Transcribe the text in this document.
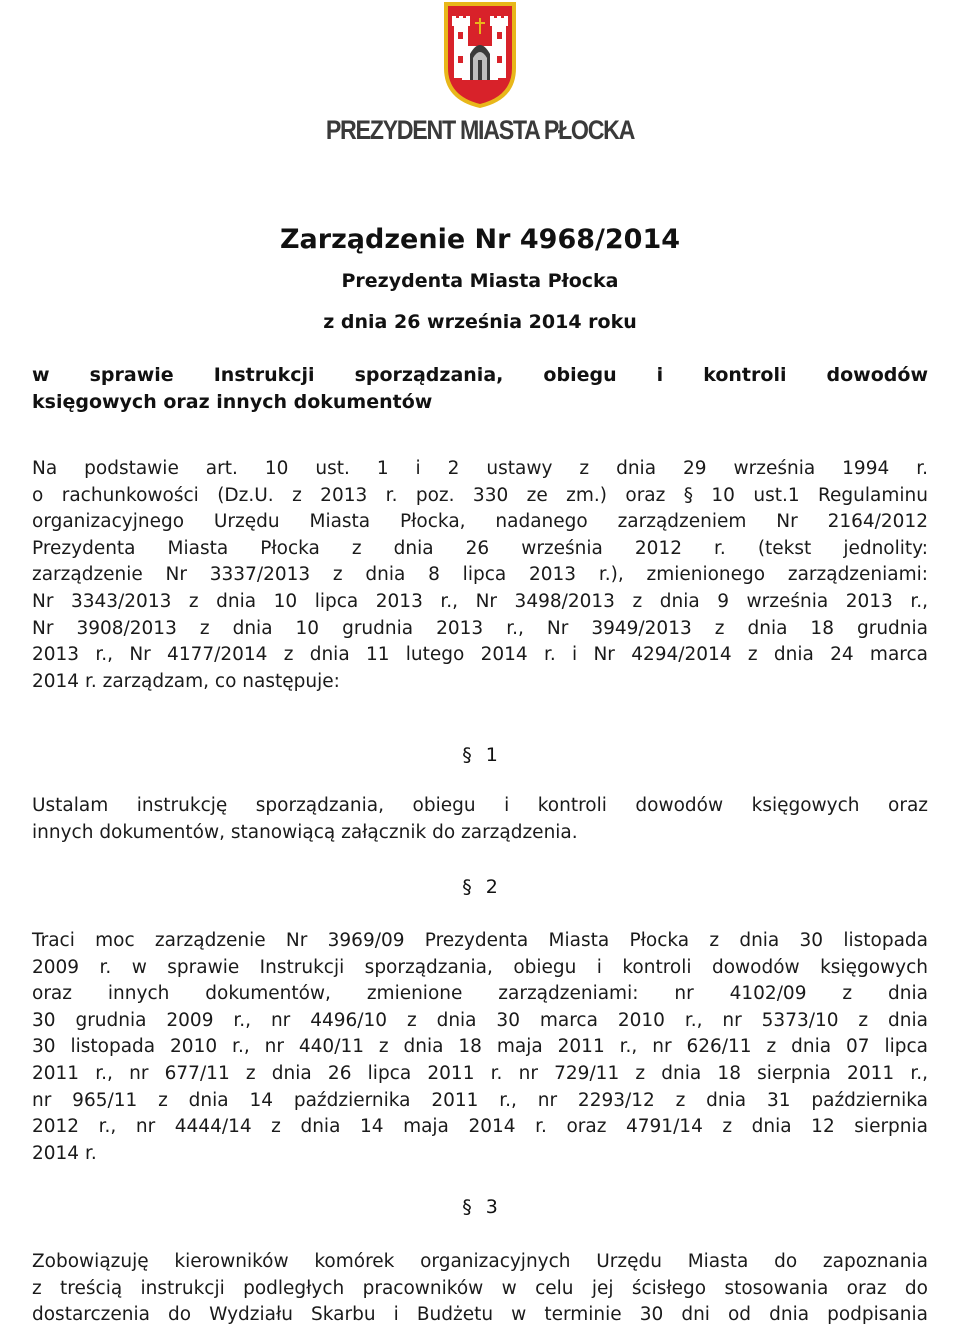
PREZYDENT MIASTA PŁOCKA
Zarządzenie Nr 4968/2014
Prezydenta Miasta Płocka
z dnia 26 września 2014 roku
w sprawie Instrukcji sporządzania, obiegu i kontroli dowodów
księgowych oraz innych dokumentów
Na podstawie art. 10 ust. 1 i 2 ustawy z dnia 29 września 1994 r.
o rachunkowości (Dz.U. z 2013 r. poz. 330 ze zm.) oraz § 10 ust.1 Regulaminu
organizacyjnego Urzędu Miasta Płocka, nadanego zarządzeniem Nr 2164/2012
Prezydenta Miasta Płocka z dnia 26 września 2012 r. (tekst jednolity:
zarządzenie Nr 3337/2013 z dnia 8 lipca 2013 r.), zmienionego zarządzeniami:
Nr 3343/2013 z dnia 10 lipca 2013 r., Nr 3498/2013 z dnia 9 września 2013 r.,
Nr 3908/2013 z dnia 10 grudnia 2013 r., Nr 3949/2013 z dnia 18 grudnia
2013 r., Nr 4177/2014 z dnia 11 lutego 2014 r. i Nr 4294/2014 z dnia 24 marca
2014 r. zarządzam, co następuje:
§ 1
Ustalam instrukcję sporządzania, obiegu i kontroli dowodów księgowych oraz
innych dokumentów, stanowiącą załącznik do zarządzenia.
§ 2
Traci moc zarządzenie Nr 3969/09 Prezydenta Miasta Płocka z dnia 30 listopada
2009 r. w sprawie Instrukcji sporządzania, obiegu i kontroli dowodów księgowych
oraz innych dokumentów, zmienione zarządzeniami: nr 4102/09 z dnia
30 grudnia 2009 r., nr 4496/10 z dnia 30 marca 2010 r., nr 5373/10 z dnia
30 listopada 2010 r., nr 440/11 z dnia 18 maja 2011 r., nr 626/11 z dnia 07 lipca
2011 r., nr 677/11 z dnia 26 lipca 2011 r. nr 729/11 z dnia 18 sierpnia 2011 r.,
nr 965/11 z dnia 14 października 2011 r., nr 2293/12 z dnia 31 października
2012 r., nr 4444/14 z dnia 14 maja 2014 r. oraz 4791/14 z dnia 12 sierpnia
2014 r.
§ 3
Zobowiązuję kierowników komórek organizacyjnych Urzędu Miasta do zapoznania
z treścią instrukcji podległych pracowników w celu jej ścisłego stosowania oraz do
dostarczenia do Wydziału Skarbu i Budżetu w terminie 30 dni od dnia podpisania
